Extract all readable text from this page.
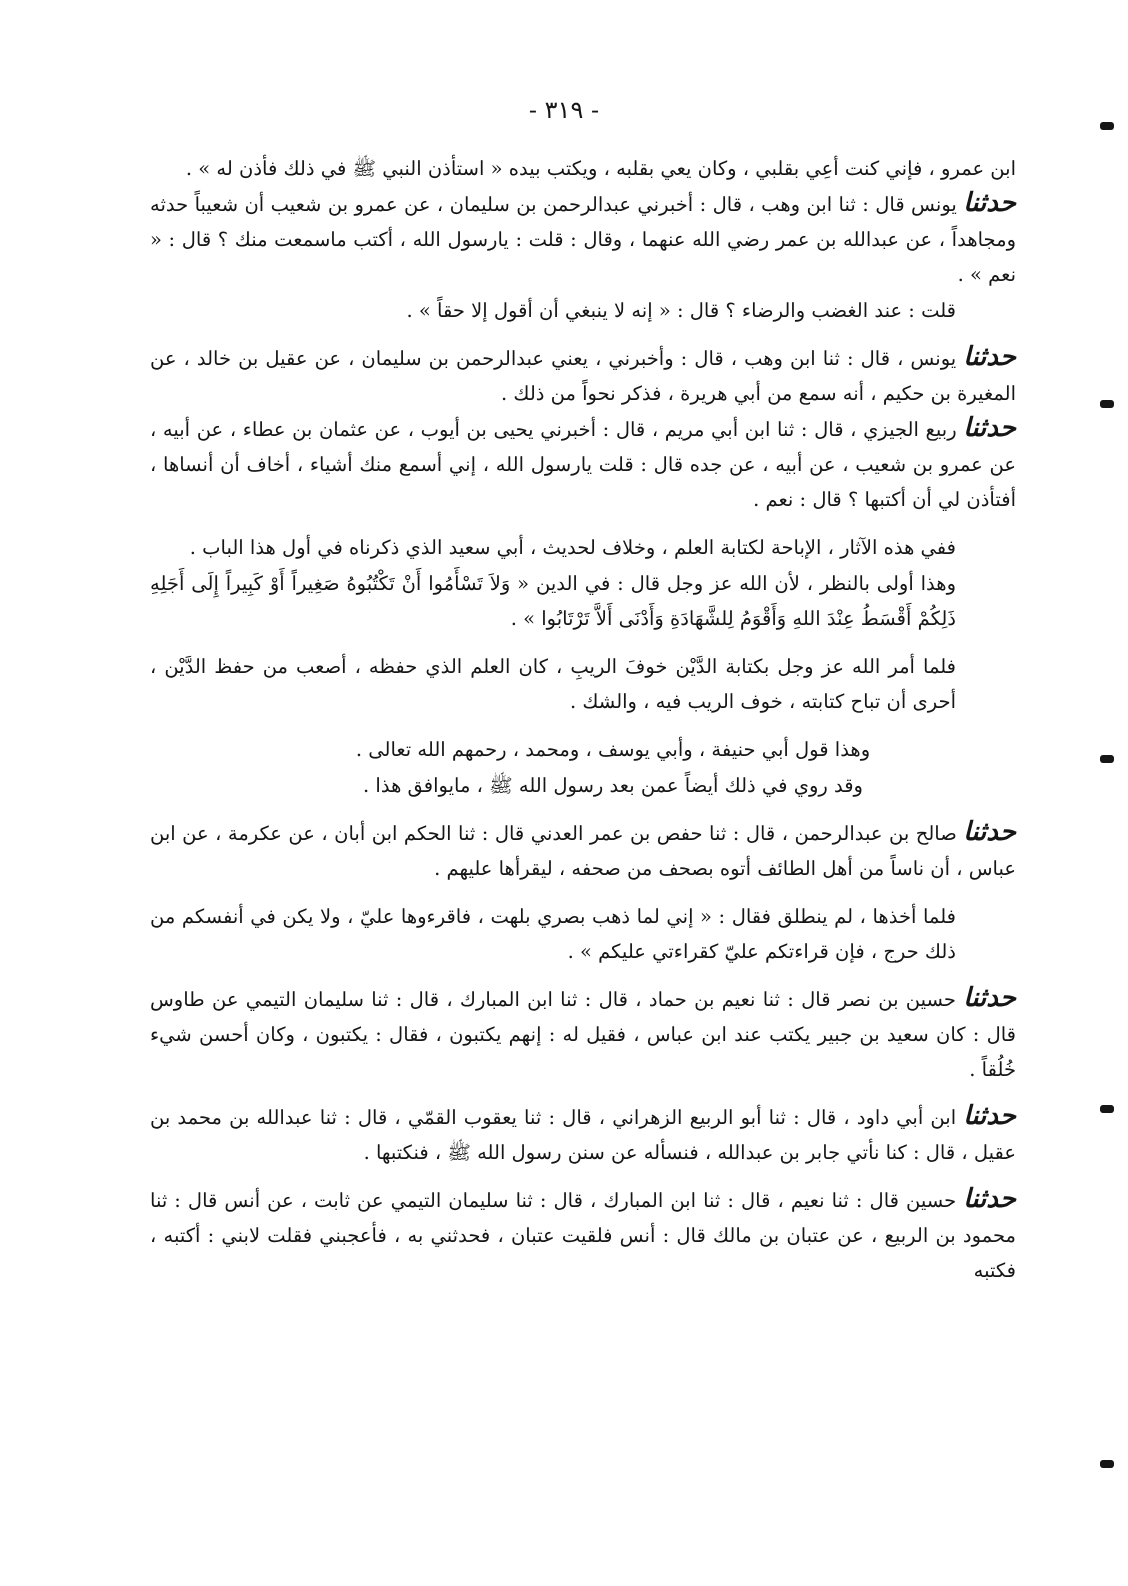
- ٣١٩ -

ابن عمرو ، فإني كنت أعِي بقلبي ، وكان يعي بقلبه ، ويكتب بيده « استأذن النبي ﷺ في ذلك فأذن له » .

حدثنا يونس قال : ثنا ابن وهب ، قال : أخبرني عبدالرحمن بن سليمان ، عن عمرو بن شعيب أن شعيباً حدثه ومجاهداً ، عن عبدالله بن عمر رضي الله عنهما ، وقال : قلت : يارسول الله ، أكتب ماسمعت منك ؟ قال : « نعم » .

قلت : عند الغضب والرضاء ؟ قال : « إنه لا ينبغي أن أقول إلا حقاً » .

حدثنا يونس ، قال : ثنا ابن وهب ، قال : وأخبرني ، يعني عبدالرحمن بن سليمان ، عن عقيل بن خالد ، عن المغيرة بن حكيم ، أنه سمع من أبي هريرة ، فذكر نحواً من ذلك .

حدثنا ربيع الجيزي ، قال : ثنا ابن أبي مريم ، قال : أخبرني يحيى بن أيوب ، عن عثمان بن عطاء ، عن أبيه ، عن عمرو بن شعيب ، عن أبيه ، عن جده قال : قلت يارسول الله ، إني أسمع منك أشياء ، أخاف أن أنساها ، أفتأذن لي أن أكتبها ؟ قال : نعم .

ففي هذه الآثار ، الإباحة لكتابة العلم ، وخلاف لحديث ، أبي سعيد الذي ذكرناه في أول هذا الباب .

وهذا أولى بالنظر ، لأن الله عز وجل قال : في الدين « وَلاَ تَسْأَمُوا أَنْ تَكْتُبُوهُ صَغِيراً أَوْ كَبِيراً إِلَى أَجَلِهِ ذَلِكُمْ أَقْسَطُ عِنْدَ اللهِ وَأَقْوَمُ لِلشَّهَادَةِ وَأَدْنَى أَلاَّ تَرْتَابُوا » .

فلما أمر الله عز وجل بكتابة الدَّيْن خوفَ الريبِ ، كان العلم الذي حفظه ، أصعب من حفظ الدَّيْن ، أحرى أن تباح كتابته ، خوف الريب فيه ، والشك .

وهذا قول أبي حنيفة ، وأبي يوسف ، ومحمد ، رحمهم الله تعالى .

وقد روي في ذلك أيضاً عمن بعد رسول الله ﷺ ، مايوافق هذا .

حدثنا صالح بن عبدالرحمن ، قال : ثنا حفص بن عمر العدني قال : ثنا الحكم ابن أبان ، عن عكرمة ، عن ابن عباس ، أن ناساً من أهل الطائف أتوه بصحف من صحفه ، ليقرأها عليهم .

فلما أخذها ، لم ينطلق فقال : « إني لما ذهب بصري بلهت ، فاقرءوها عليّ ، ولا يكن في أنفسكم من ذلك حرج ، فإن قراءتكم عليّ كقراءتي عليكم » .

حدثنا حسين بن نصر قال : ثنا نعيم بن حماد ، قال : ثنا ابن المبارك ، قال : ثنا سليمان التيمي عن طاوس قال : كان سعيد بن جبير يكتب عند ابن عباس ، فقيل له : إنهم يكتبون ، فقال : يكتبون ، وكان أحسن شيء خُلُقاً .

حدثنا ابن أبي داود ، قال : ثنا أبو الربيع الزهراني ، قال : ثنا يعقوب القمّي ، قال : ثنا عبدالله بن محمد بن عقيل ، قال : كنا نأتي جابر بن عبدالله ، فنسأله عن سنن رسول الله ﷺ ، فنكتبها .

حدثنا حسين قال : ثنا نعيم ، قال : ثنا ابن المبارك ، قال : ثنا سليمان التيمي عن ثابت ، عن أنس قال : ثنا محمود بن الربيع ، عن عتبان بن مالك قال : أنس فلقيت عتبان ، فحدثني به ، فأعجبني فقلت لابني : أكتبه ، فكتبه
